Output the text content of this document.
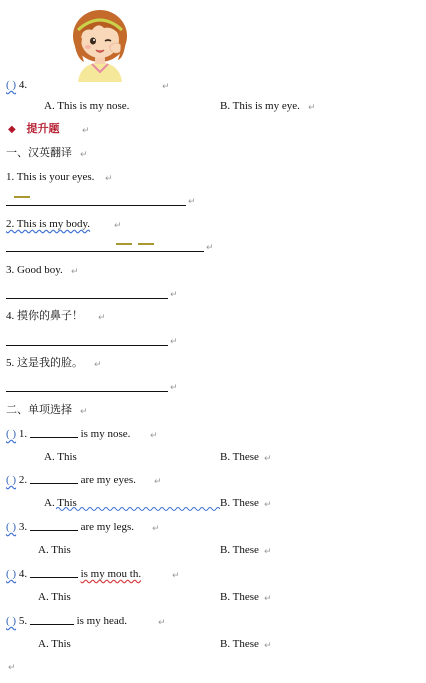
( ) 4.	↵
A. This is my nose.	B. This is my eye. ↵
◆ 提升题	↵
一、汉英翻译 ↵
1. This is your eyes. ↵
↵
2. This is my body.	↵
↵
3. Good boy. ↵
↵
4. 摸你的鼻子！ ↵
↵
5. 这是我的脸。 ↵
↵
二、单项选择 ↵
( ) 1.	is my nose. ↵
A. This	B. These ↵
( ) 2.	are my eyes. ↵
A. This	B. These ↵
( ) 3.	are my legs. ↵
A. This	B. These ↵
( ) 4.	is my mou th.	↵
A. This	B. These ↵
( ) 5.	is my head.	↵
A. This	B. These ↵
↵
